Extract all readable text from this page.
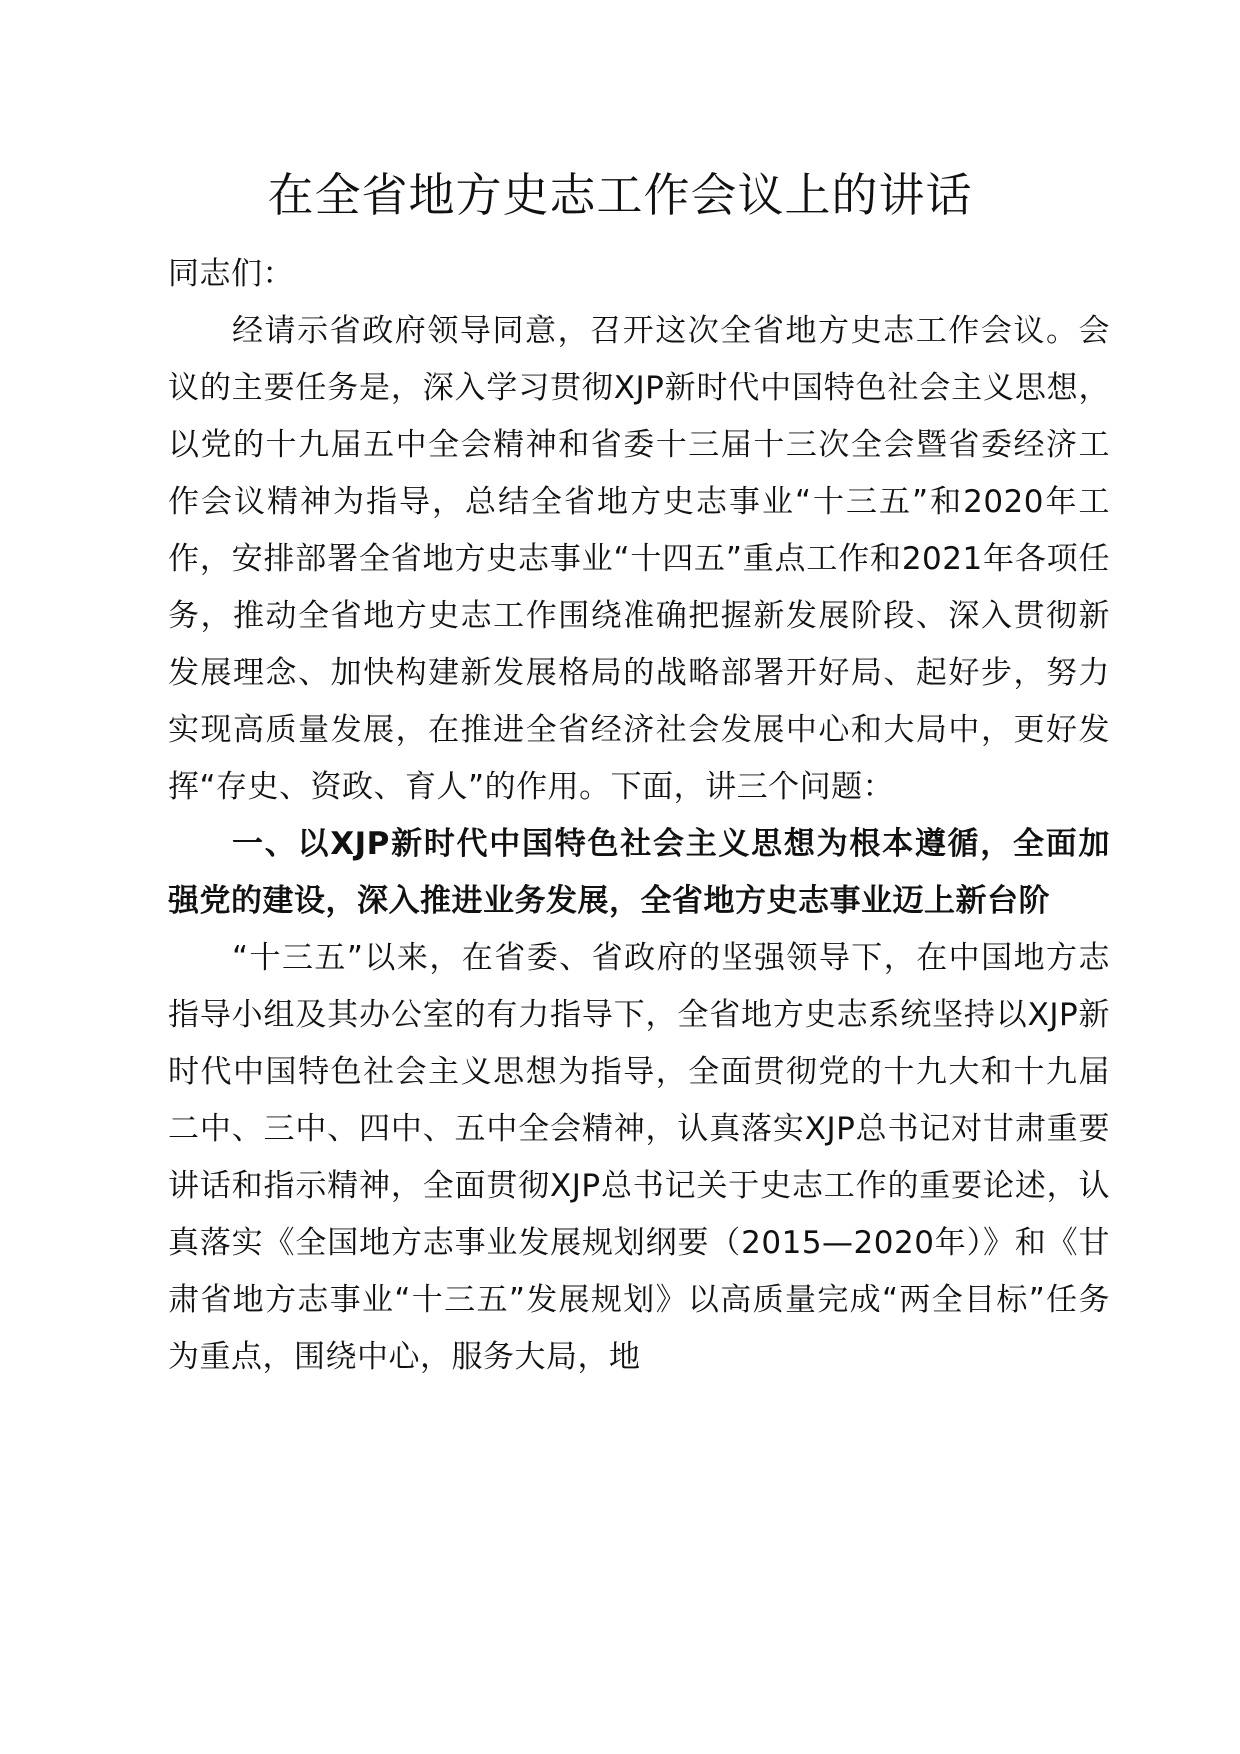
在全省地方史志工作会议上的讲话

同志们：

经请示省政府领导同意，召开这次全省地方史志工作会议。会议的主要任务是，深入学习贯彻XJP新时代中国特色社会主义思想，以党的十九届五中全会精神和省委十三届十三次全会暨省委经济工作会议精神为指导，总结全省地方史志事业“十三五”和2020年工作，安排部署全省地方史志事业“十四五”重点工作和2021年各项任务，推动全省地方史志工作围绕准确把握新发展阶段、深入贯彻新发展理念、加快构建新发展格局的战略部署开好局、起好步，努力实现高质量发展，在推进全省经济社会发展中心和大局中，更好发挥“存史、资政、育人”的作用。下面，讲三个问题：

一、以XJP新时代中国特色社会主义思想为根本遵循，全面加强党的建设，深入推进业务发展，全省地方史志事业迈上新台阶

“十三五”以来，在省委、省政府的坚强领导下，在中国地方志指导小组及其办公室的有力指导下，全省地方史志系统坚持以XJP新时代中国特色社会主义思想为指导，全面贯彻党的十九大和十九届二中、三中、四中、五中全会精神，认真落实XJP总书记对甘肃重要讲话和指示精神，全面贯彻XJP总书记关于史志工作的重要论述，认真落实《全国地方志事业发展规划纲要（2015—2020年）》和《甘肃省地方志事业“十三五”发展规划》以高质量完成“两全目标”任务为重点，围绕中心，服务大局，地
